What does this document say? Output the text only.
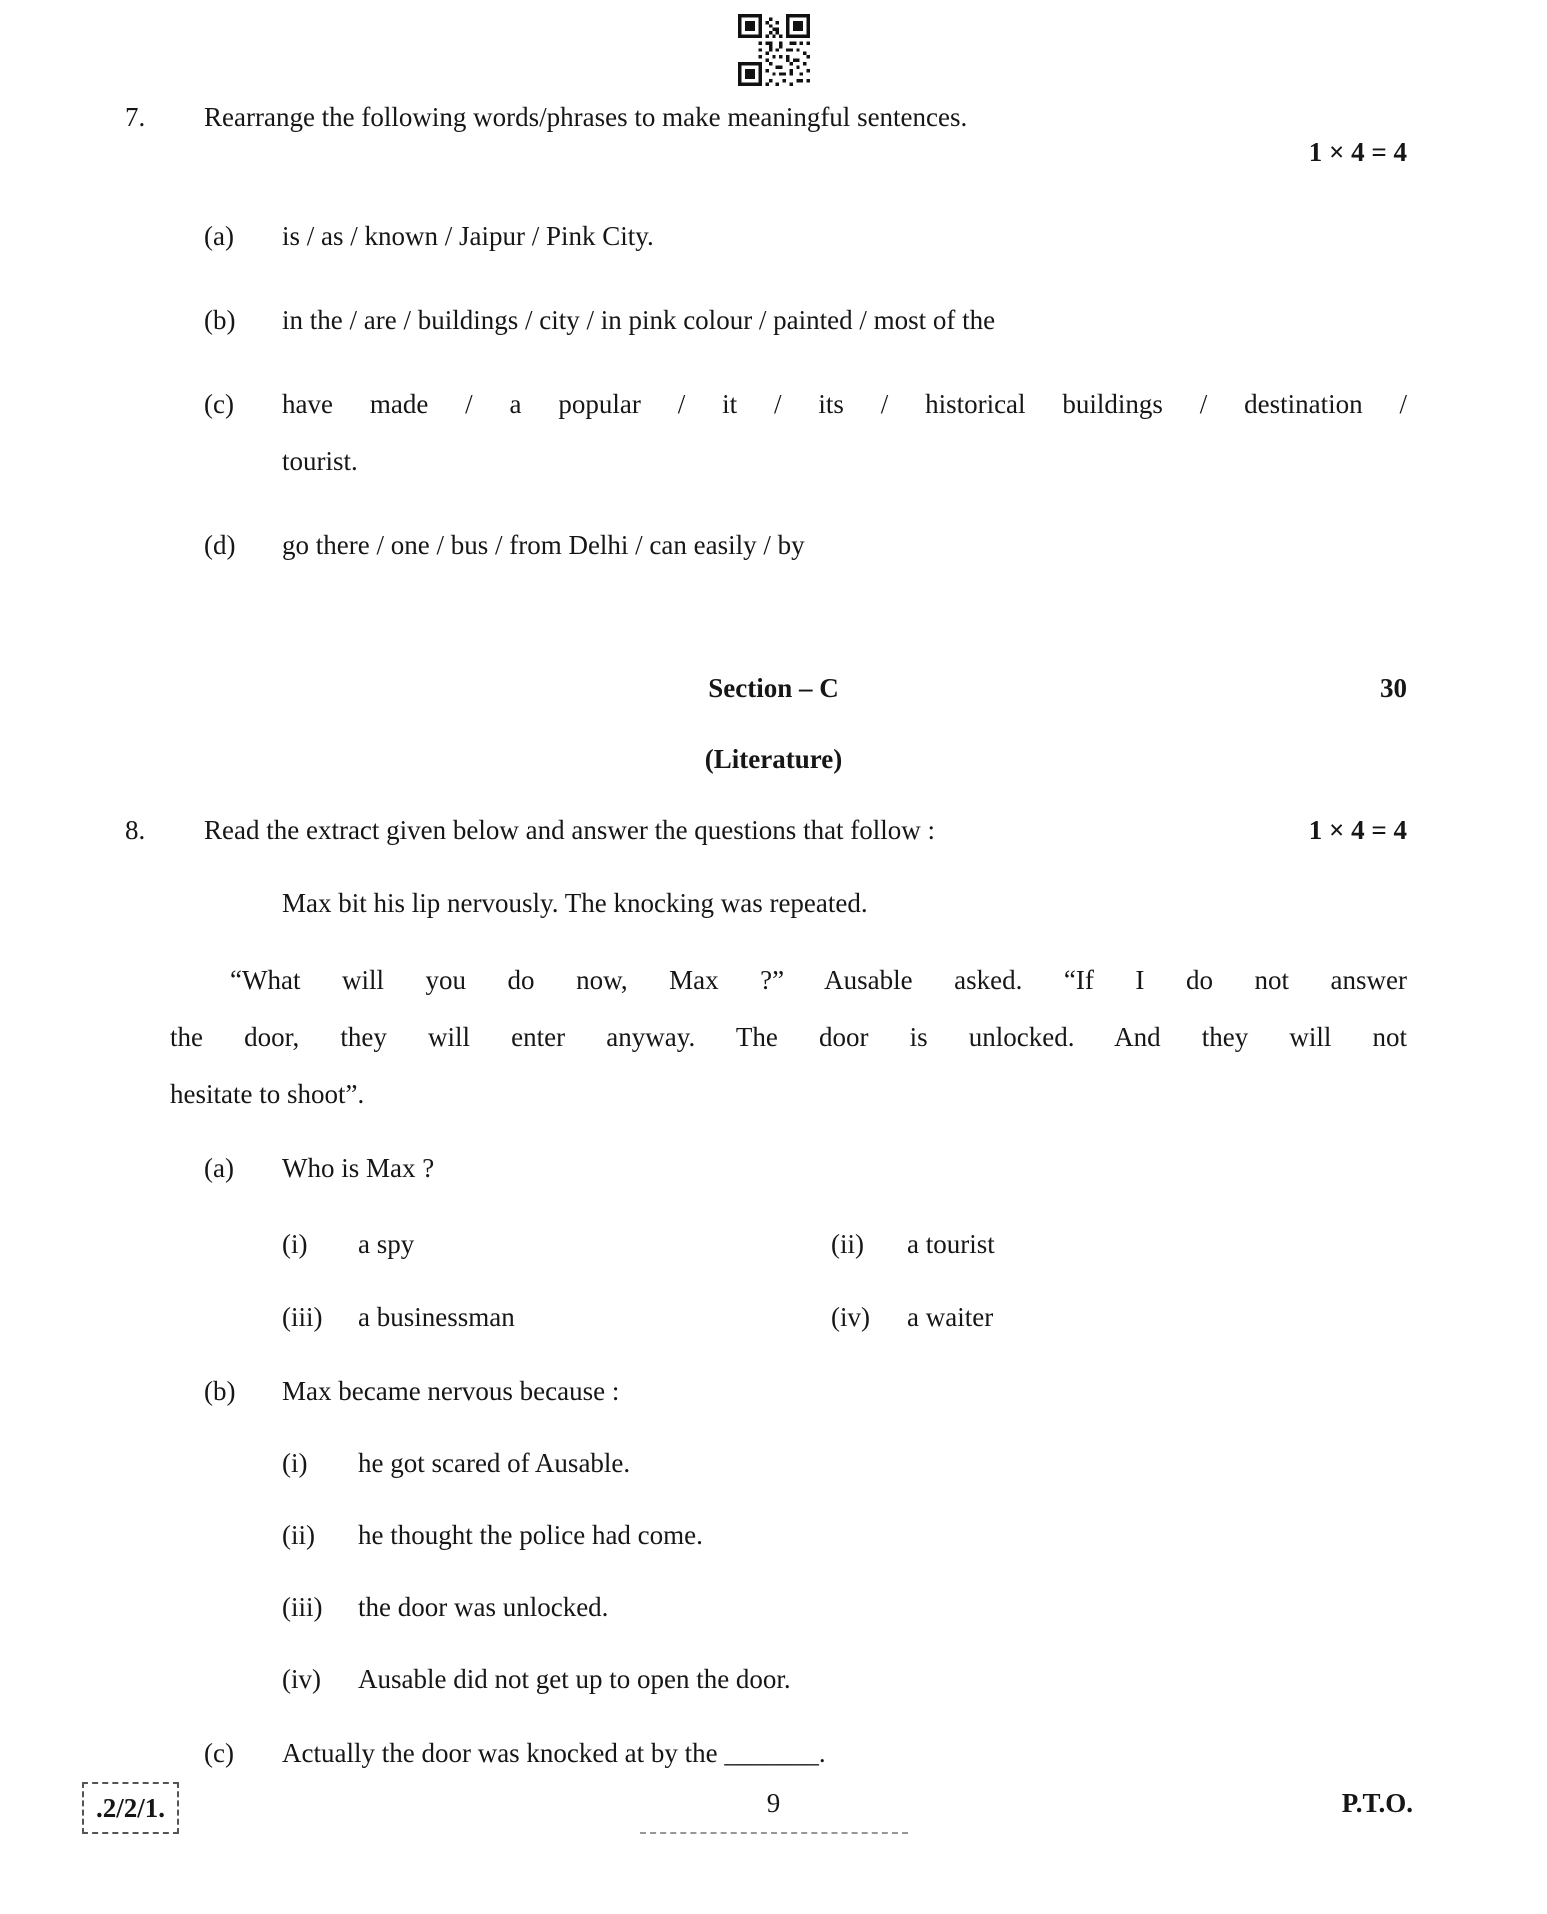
7.	Rearrange the following words/phrases to make meaningful sentences.
1 × 4 = 4
(a)	is / as / known / Jaipur / Pink City.
(b)	in the / are / buildings / city / in pink colour / painted / most of the
(c)	have made / a popular / it / its / historical buildings / destination /
tourist.
(d)	go there / one / bus / from Delhi / can easily / by
Section – C	30
(Literature)
8.	Read the extract given below and answer the questions that follow :	1 × 4 = 4
Max bit his lip nervously. The knocking was repeated.
“What will you do now, Max ?” Ausable asked. “If I do not answer
the door, they will enter anyway. The door is unlocked. And they will not
hesitate to shoot”.
(a)	Who is Max ?
(i)	a spy	(ii)	a tourist
(iii)	a businessman	(iv)	a waiter
(b)	Max became nervous because :
(i)	he got scared of Ausable.
(ii)	he thought the police had come.
(iii)	the door was unlocked.
(iv)	Ausable did not get up to open the door.
(c)	Actually the door was knocked at by the _______.
.2/2/1.	9	P.T.O.
